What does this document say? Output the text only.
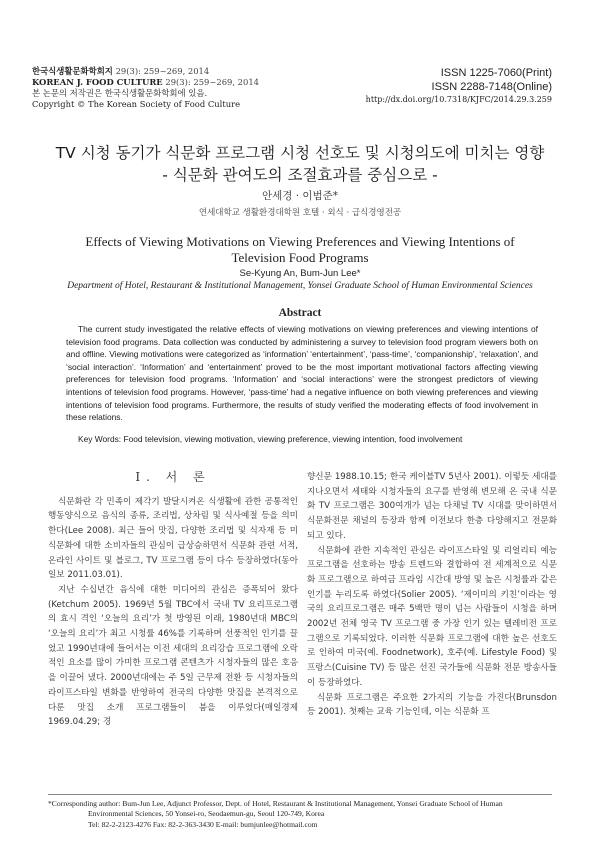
한국식생활문화학회지 29(3): 259~269, 2014
KOREAN J. FOOD CULTURE 29(3): 259~269, 2014
본 논문의 저작권은 한국식생활문화학회에 있음.
Copyright © The Korean Society of Food Culture
ISSN 1225-7060(Print)
ISSN 2288-7148(Online)
http://dx.doi.org/10.7318/KJFC/2014.29.3.259
TV 시청 동기가 식문화 프로그램 시청 선호도 및 시청의도에 미치는 영향
- 식문화 관여도의 조절효과를 중심으로 -
안세경 · 이범준*
연세대학교 생활환경대학원 호텔 · 외식 · 급식경영전공
Effects of Viewing Motivations on Viewing Preferences and Viewing Intentions of Television Food Programs
Se-Kyung An, Bum-Jun Lee*
Department of Hotel, Restaurant & Institutional Management, Yonsei Graduate School of Human Environmental Sciences
Abstract
The current study investigated the relative effects of viewing motivations on viewing preferences and viewing intentions of television food programs. Data collection was conducted by administering a survey to television food program viewers both on and offline. Viewing motivations were categorized as ‘information’ ‘entertainment’, ‘pass-time’, ‘companionship’, ‘relaxation’, and ‘social interaction’. ‘Information’ and ‘entertainment’ proved to be the most important motivational factors affecting viewing preferences for television food programs. ‘Information’ and ‘social interactions’ were the strongest predictors of viewing intentions of television food programs. However, ‘pass-time’ had a negative influence on both viewing preferences and viewing intentions of television food programs. Furthermore, the results of study verified the moderating effects of food involvement in these relations.
Key Words: Food television, viewing motivation, viewing preference, viewing intention, food involvement
I. 서 론

식문화란 각 민족이 제각기 발달시켜온 식생활에 관한 공통적인 행동양식으로 음식의 종류, 조리법, 상차림 및 식사예절 등을 의미한다(Lee 2008). 최근 들어 맛집, 다양한 조리법 및 식자재 등 미식문화에 대한 소비자들의 관심이 급상승하면서 식문화 관련 서적, 온라인 사이트 및 블로그, TV 프로그램 등이 다수 등장하였다(동아일보 2011.03.01).

지난 수십년간 음식에 대한 미디어의 관심은 증폭되어 왔다(Ketchum 2005). 1969년 5월 TBC에서 국내 TV 요리프로그램의 효시 격인 ‘오늘의 요리’가 첫 방영된 이래, 1980년대 MBC의 ‘오늘의 요리’가 최고 시청률 46%를 기록하며 선풍적인 인기를 끌었고 1990년대에 들어서는 이전 세대의 요리강습 프로그램에 오락적인 요소를 많이 가미한 프로그램 콘텐츠가 시청자들의 많은 호응을 이끌어 냈다. 2000년대에는 주 5일 근무제 전환 등 시청자들의 라이프스타일 변화를 반영하여 전국의 다양한 맛집을 본격적으로 다룬 맛집 소개 프로그램들이 붐을 이루었다(매일경제 1969.04.29; 경

향신문 1988.10.15; 한국 케이블TV 5년사 2001). 이렇듯 세대를 지나오면서 세태와 시청자들의 요구를 반영해 변모해 온 국내 식문화 TV 프로그램은 300여개가 넘는 다채널 TV 시대를 맞이하면서 식문화전문 채널의 등장과 함께 이전보다 한층 다양해지고 전문화되고 있다.

식문화에 관한 지속적인 관심은 라이프스타일 및 리얼리티 예능 프로그램을 선호하는 방송 트렌드와 결합하여 전 세계적으로 식문화 프로그램으로 하여금 프라임 시간대 방영 및 높은 시청률과 같은 인기를 누리도록 하였다(Solier 2005). ‘제이미의 키친’이라는 영국의 요리프로그램은 매주 5백만 명이 넘는 사람들이 시청을 하며 2002년 전체 영국 TV 프로그램 중 가장 인기 있는 텔레비전 프로그램으로 기록되었다. 이러한 식문화 프로그램에 대한 높은 선호도로 인하여 미국(예. Foodnetwork), 호주(예. Lifestyle Food) 및 프랑스(Cuisine TV) 등 많은 선진 국가들에 식문화 전문 방송사들이 등장하였다.

식문화 프로그램은 주요한 2가지의 기능을 가진다(Brunsdon 등 2001). 첫째는 교육 기능인데, 이는 식문화 프

*Corresponding author: Bum-Jun Lee, Adjunct Professor, Dept. of Hotel, Restaurant & Institutional Management, Yonsei Graduate School of Human
Environmental Sciences, 50 Yonsei-ro, Seodaemun-gu, Seoul 120-749, Korea
Tel: 82-2-2123-4276 Fax: 82-2-363-3430 E-mail: bumjunlee@hotmail.com
